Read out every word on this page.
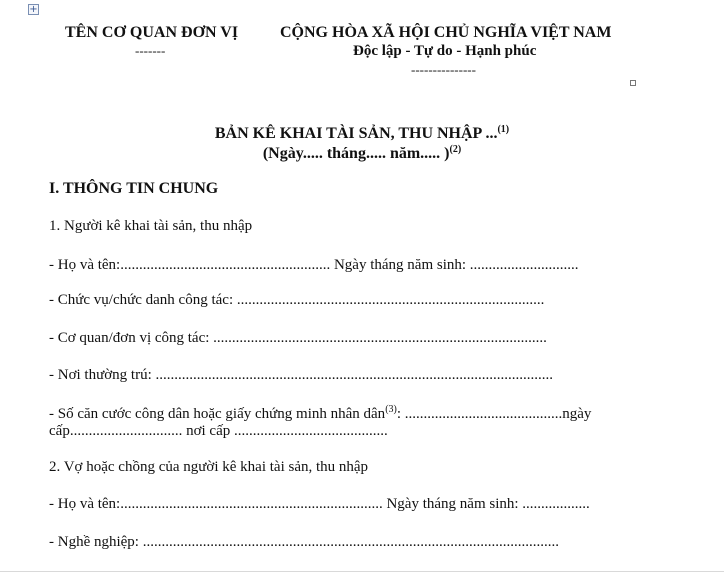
+
TÊN CƠ QUAN ĐƠN VỊ
-------
CỘNG HÒA XÃ HỘI CHỦ NGHĨA VIỆT NAM
Độc lập - Tự do - Hạnh phúc
---------------
BẢN KÊ KHAI TÀI SẢN, THU NHẬP ...$^{(1)}$
(Ngày..... tháng..... năm..... )$^{(2)}$
I. THÔNG TIN CHUNG
1. Người kê khai tài sản, thu nhập
- Họ và tên:........................................................ Ngày tháng năm sinh: .............................
- Chức vụ/chức danh công tác: ..................................................................................
- Cơ quan/đơn vị công tác: .........................................................................................
- Nơi thường trú: ..........................................................................................................
- Số căn cước công dân hoặc giấy chứng minh nhân dân$^{(3)}$: ..........................................ngày
cấp.............................. nơi cấp .........................................
2. Vợ hoặc chồng của người kê khai tài sản, thu nhập
- Họ và tên:...................................................................... Ngày tháng năm sinh: ..................
- Nghề nghiệp: ...............................................................................................................
